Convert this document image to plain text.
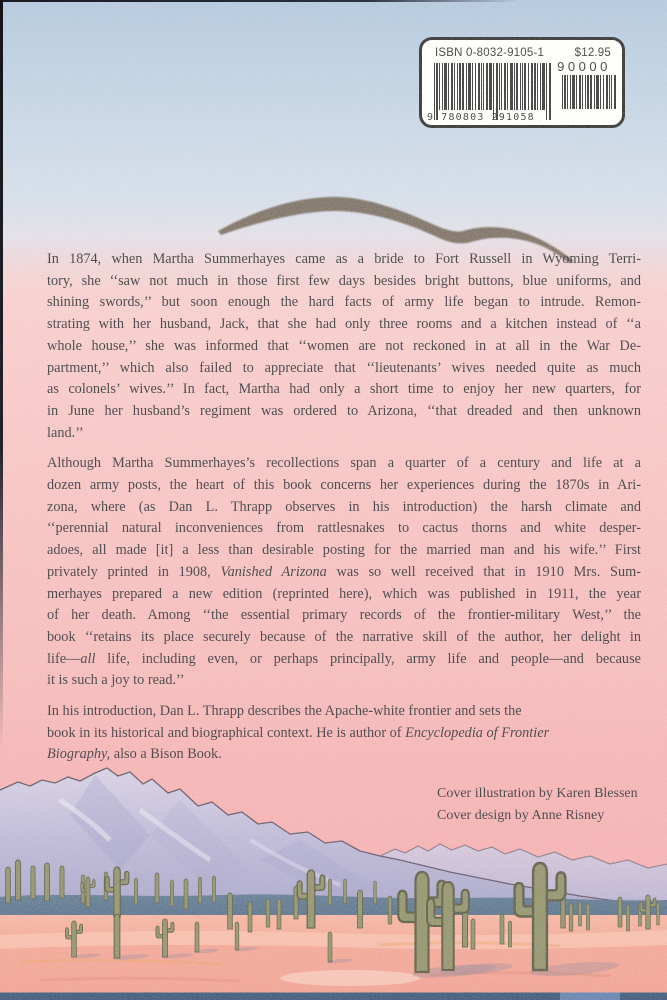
ISBN 0-8032-9105-1	$12.95
90000
9 780803 291058
In 1874, when Martha Summerhayes came as a bride to Fort Russell in Wyoming Terri-
tory, she ‘‘saw not much in those first few days besides bright buttons, blue uniforms, and
shining swords,’’ but soon enough the hard facts of army life began to intrude. Remon-
strating with her husband, Jack, that she had only three rooms and a kitchen instead of ‘‘a
whole house,’’ she was informed that ‘‘women are not reckoned in at all in the War De-
partment,’’ which also failed to appreciate that ‘‘lieutenants’ wives needed quite as much
as colonels’ wives.’’ In fact, Martha had only a short time to enjoy her new quarters, for
in June her husband’s regiment was ordered to Arizona, ‘‘that dreaded and then unknown
land.’’
Although Martha Summerhayes’s recollections span a quarter of a century and life at a
dozen army posts, the heart of this book concerns her experiences during the 1870s in Ari-
zona, where (as Dan L. Thrapp observes in his introduction) the harsh climate and
‘‘perennial natural inconveniences from rattlesnakes to cactus thorns and white desper-
adoes, all made [it] a less than desirable posting for the married man and his wife.’’ First
privately printed in 1908, Vanished Arizona was so well received that in 1910 Mrs. Sum-
merhayes prepared a new edition (reprinted here), which was published in 1911, the year
of her death. Among ‘‘the essential primary records of the frontier-military West,’’ the
book ‘‘retains its place securely because of the narrative skill of the author, her delight in
life—all life, including even, or perhaps principally, army life and people—and because
it is such a joy to read.’’
In his introduction, Dan L. Thrapp describes the Apache-white frontier and sets the
book in its historical and biographical context. He is author of Encyclopedia of Frontier
Biography, also a Bison Book.
Cover illustration by Karen Blessen
Cover design by Anne Risney
